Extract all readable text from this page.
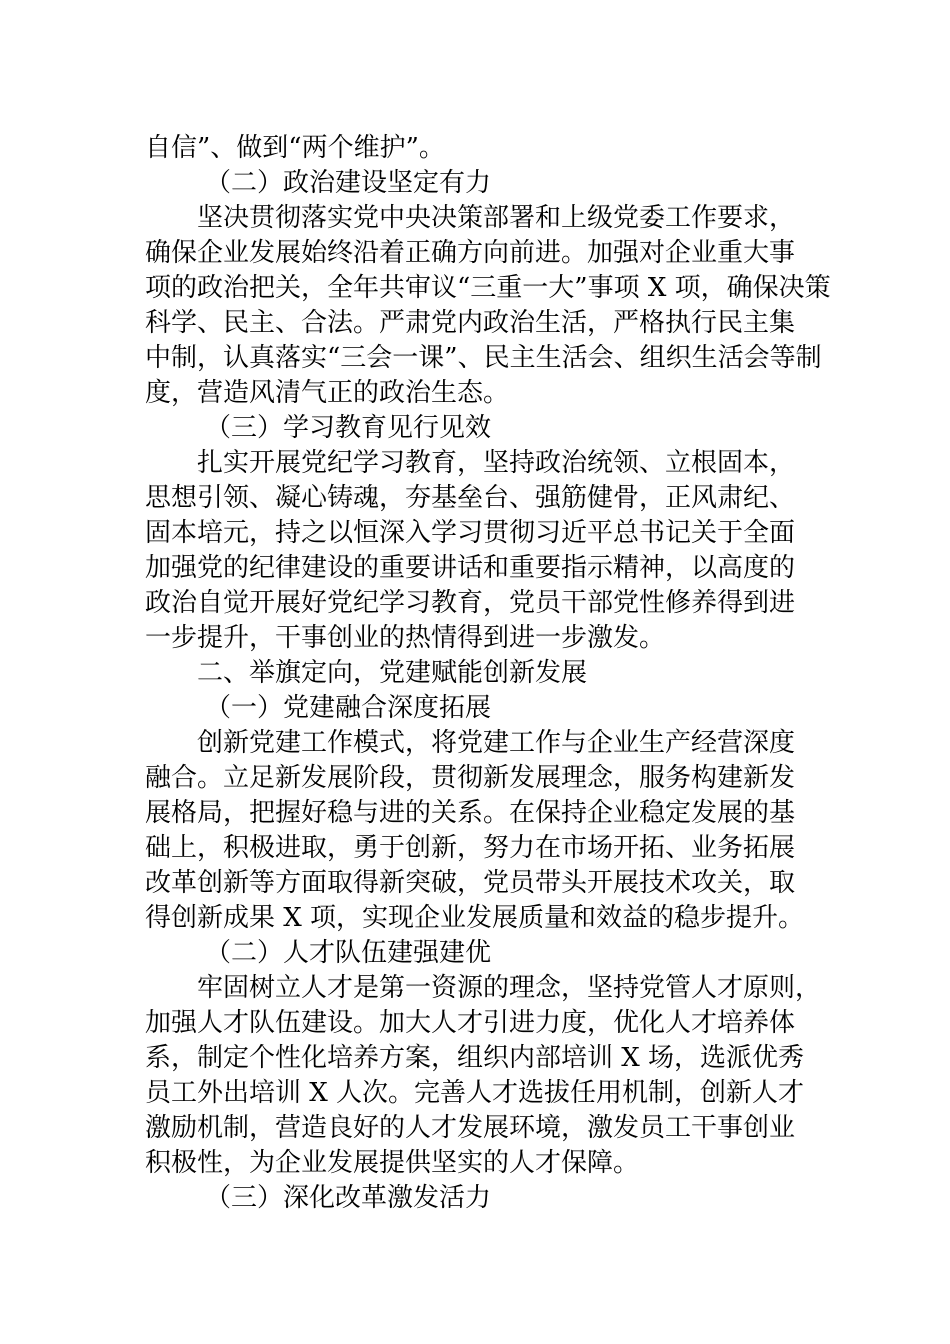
自信”、做到“两个维护”。
（二）政治建设坚定有力
坚决贯彻落实党中央决策部署和上级党委工作要求，
确保企业发展始终沿着正确方向前进。加强对企业重大事
项的政治把关，全年共审议“三重一大”事项 X 项，确保决策
科学、民主、合法。严肃党内政治生活，严格执行民主集
中制，认真落实“三会一课”、民主生活会、组织生活会等制
度，营造风清气正的政治生态。
（三）学习教育见行见效
扎实开展党纪学习教育，坚持政治统领、立根固本，
思想引领、凝心铸魂，夯基垒台、强筋健骨，正风肃纪、
固本培元，持之以恒深入学习贯彻习近平总书记关于全面
加强党的纪律建设的重要讲话和重要指示精神，以高度的
政治自觉开展好党纪学习教育，党员干部党性修养得到进
一步提升，干事创业的热情得到进一步激发。
二、举旗定向，党建赋能创新发展
（一）党建融合深度拓展
创新党建工作模式，将党建工作与企业生产经营深度
融合。立足新发展阶段，贯彻新发展理念，服务构建新发
展格局，把握好稳与进的关系。在保持企业稳定发展的基
础上，积极进取，勇于创新，努力在市场开拓、业务拓展
改革创新等方面取得新突破，党员带头开展技术攻关，取
得创新成果 X 项，实现企业发展质量和效益的稳步提升。
（二）人才队伍建强建优
牢固树立人才是第一资源的理念，坚持党管人才原则，
加强人才队伍建设。加大人才引进力度，优化人才培养体
系，制定个性化培养方案，组织内部培训 X 场，选派优秀
员工外出培训 X 人次。完善人才选拔任用机制，创新人才
激励机制，营造良好的人才发展环境，激发员工干事创业
积极性，为企业发展提供坚实的人才保障。
（三）深化改革激发活力
